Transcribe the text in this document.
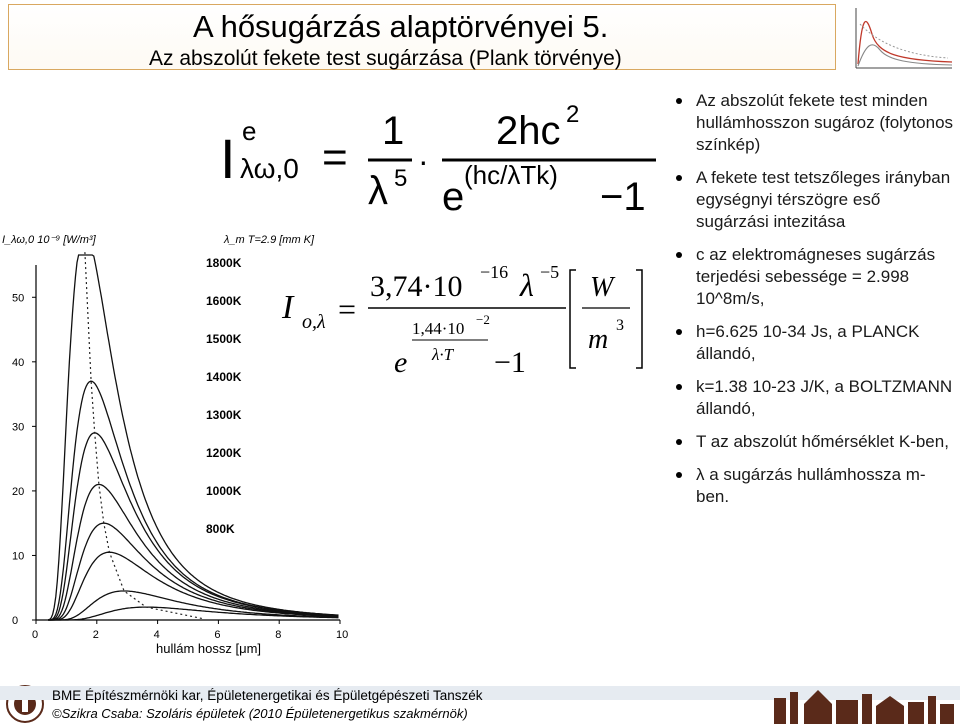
A hősugárzás alaptörvényei 5.
Az abszolút fekete test sugárzása (Plank törvénye)
I e
λω,0 =
1
λ 5 ·
2hc 2
e (hc/λTk) −1
I o,λ =
3,74·10 −16 λ −5
e
1,44·10 −2
λ·T −1
W
m 3
I_λω,0 10⁻⁹ [W/m³]	λ_m T=2.9 [mm K]
hullám hossz [μm]
0	2	4	6	8	10
0
10
20
30
40
50
1800K
1600K
1500K
1400K
1300K
1200K
1000K
800K
Az abszolút fekete test minden hullámhosszon sugároz (folytonos színkép)
A fekete test tetszőleges irányban egységnyi térszögre eső sugárzási intezitása
c az elektromágneses sugárzás terjedési sebessége = 2.998 10^8m/s,
h=6.625 10-34 Js, a PLANCK állandó,
k=1.38 10-23 J/K, a BOLTZMANN állandó,
T az abszolút hőmérséklet K-ben,
λ a sugárzás hullámhossza m-ben.
BME Építészmérnöki kar, Épületenergetikai és Épületgépészeti Tanszék
©Szikra Csaba: Szoláris épületek (2010 Épületenergetikus szakmérnök)
